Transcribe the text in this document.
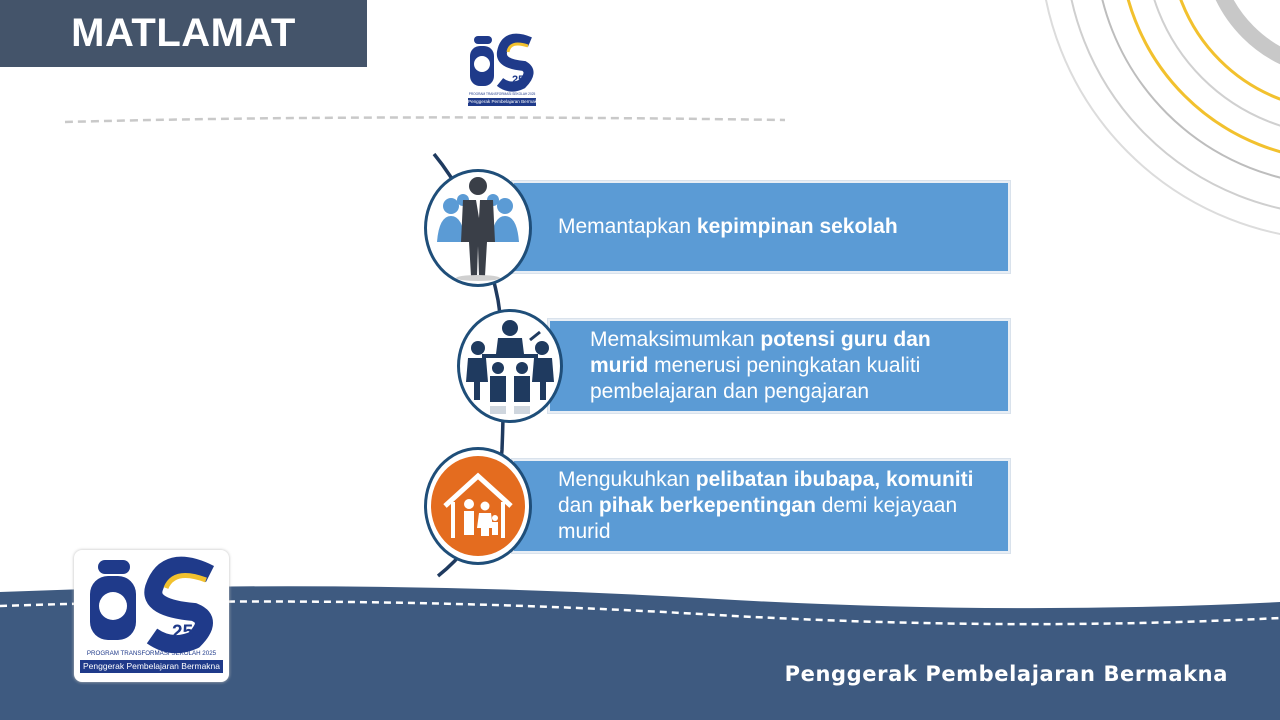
MATLAMAT
25
PROGRAM TRANSFORMASI SEKOLAH 2025
Penggerak Pembelajaran Bermakna
Memantapkan kepimpinan sekolah
Memaksimumkan potensi guru dan murid menerusi peningkatan kualiti pembelajaran dan pengajaran
Mengukuhkan pelibatan ibubapa, komuniti dan pihak berkepentingan demi kejayaan murid
Penggerak Pembelajaran Bermakna
25
PROGRAM TRANSFORMASI SEKOLAH 2025
Penggerak Pembelajaran Bermakna
